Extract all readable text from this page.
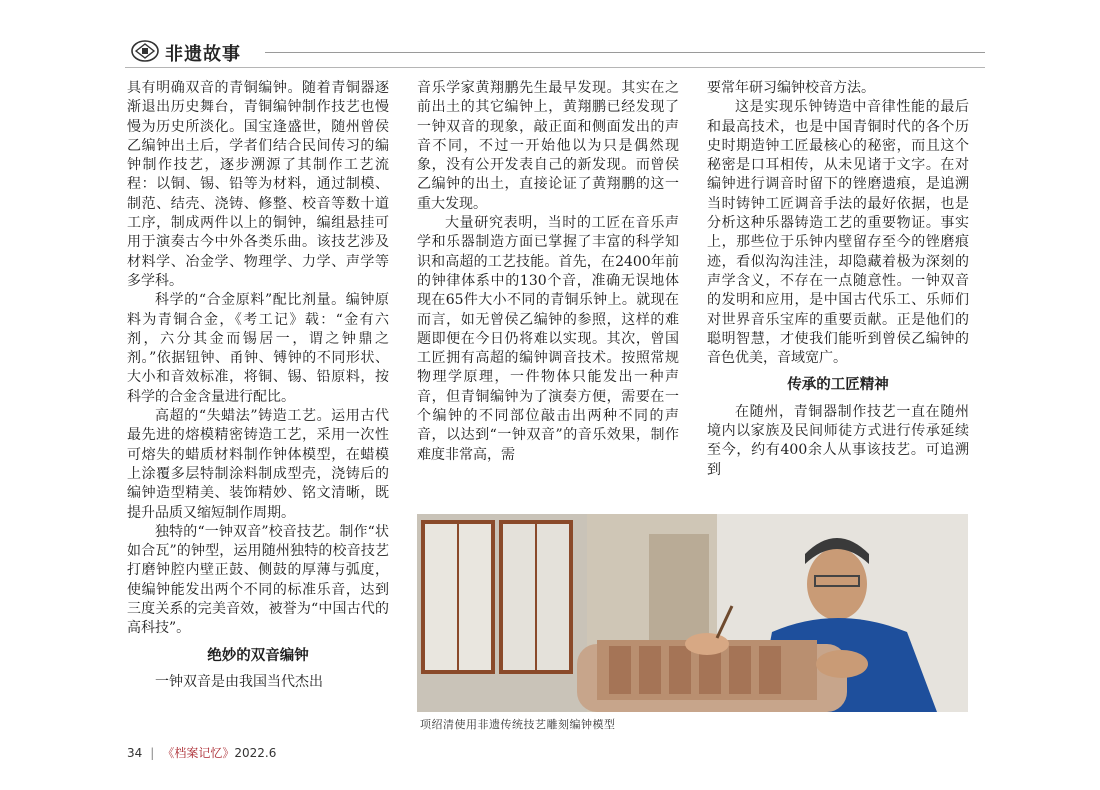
非遗故事

具有明确双音的青铜编钟。随着青铜器逐渐退出历史舞台，青铜编钟制作技艺也慢慢为历史所淡化。国宝逢盛世，随州曾侯乙编钟出土后，学者们结合民间传习的编钟制作技艺，逐步溯源了其制作工艺流程：以铜、锡、铅等为材料，通过制模、制范、结壳、浇铸、修整、校音等数十道工序，制成两件以上的铜钟，编组悬挂可用于演奏古今中外各类乐曲。该技艺涉及材料学、冶金学、物理学、力学、声学等多学科。

科学的“合金原料”配比剂量。编钟原料为青铜合金，《考工记》载：“金有六剂，六分其金而锡居一，谓之钟鼎之剂。”依据钮钟、甬钟、镈钟的不同形状、大小和音效标准，将铜、锡、铅原料，按科学的合金含量进行配比。

高超的“失蜡法”铸造工艺。运用古代最先进的熔模精密铸造工艺，采用一次性可熔失的蜡质材料制作钟体模型，在蜡模上涂覆多层特制涂料制成型壳，浇铸后的编钟造型精美、装饰精妙、铭文清晰，既提升品质又缩短制作周期。

独特的“一钟双音”校音技艺。制作“状如合瓦”的钟型，运用随州独特的校音技艺打磨钟腔内壁正鼓、侧鼓的厚薄与弧度，使编钟能发出两个不同的标准乐音，达到三度关系的完美音效，被誉为“中国古代的高科技”。

绝妙的双音编钟

一钟双音是由我国当代杰出

音乐学家黄翔鹏先生最早发现。其实在之前出土的其它编钟上，黄翔鹏已经发现了一钟双音的现象，敲正面和侧面发出的声音不同，不过一开始他以为只是偶然现象，没有公开发表自己的新发现。而曾侯乙编钟的出土，直接论证了黄翔鹏的这一重大发现。

大量研究表明，当时的工匠在音乐声学和乐器制造方面已掌握了丰富的科学知识和高超的工艺技能。首先，在2400年前的钟律体系中的130个音，准确无误地体现在65件大小不同的青铜乐钟上。就现在而言，如无曾侯乙编钟的参照，这样的难题即便在今日仍将难以实现。其次，曾国工匠拥有高超的编钟调音技术。按照常规物理学原理，一件物体只能发出一种声音，但青铜编钟为了演奏方便，需要在一个编钟的不同部位敲击出两种不同的声音，以达到“一钟双音”的音乐效果，制作难度非常高，需

要常年研习编钟校音方法。

这是实现乐钟铸造中音律性能的最后和最高技术，也是中国青铜时代的各个历史时期造钟工匠最核心的秘密，而且这个秘密是口耳相传，从未见诸于文字。在对编钟进行调音时留下的锉磨遗痕，是追溯当时铸钟工匠调音手法的最好依据，也是分析这种乐器铸造工艺的重要物证。事实上，那些位于乐钟内壁留存至今的锉磨痕迹，看似沟沟洼洼，却隐藏着极为深刻的声学含义，不存在一点随意性。一钟双音的发明和应用，是中国古代乐工、乐师们对世界音乐宝库的重要贡献。正是他们的聪明智慧，才使我们能听到曾侯乙编钟的音色优美，音域宽广。

传承的工匠精神

在随州，青铜器制作技艺一直在随州境内以家族及民间师徒方式进行传承延续至今，约有400余人从事该技艺。可追溯到

项绍清使用非遗传统技艺雕刻编钟模型
34 | 《档案记忆》2022.6
